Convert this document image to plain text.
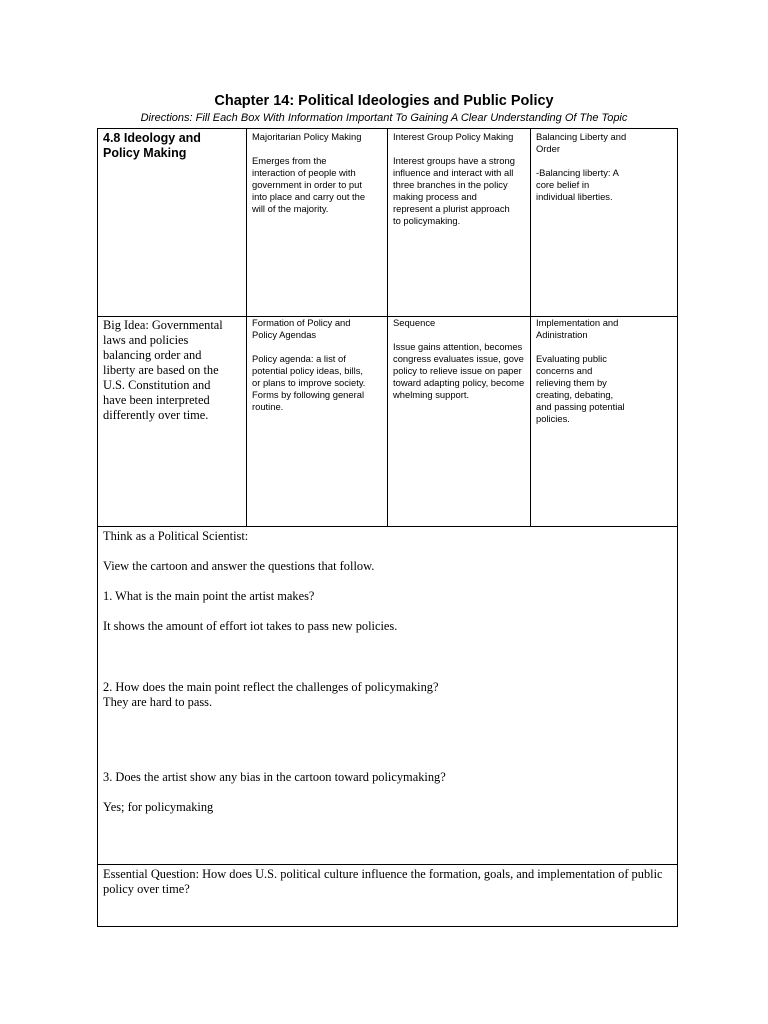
Chapter 14: Political Ideologies and Public Policy
Directions: Fill Each Box With Information Important To Gaining A Clear Understanding Of The Topic

4.8 Ideology and
Policy Making

Majoritarian Policy Making

Emerges from the
interaction of people with
government in order to put
into place and carry out the
will of the majority.

Interest Group Policy Making

Interest groups have a strong
influence and interact with all
three branches in the policy
making process and
represent a plurist approach
to policymaking.

Balancing Liberty and
Order

-Balancing liberty: A
core belief in
individual liberties.

Big Idea: Governmental
laws and policies
balancing order and
liberty are based on the
U.S. Constitution and
have been interpreted
differently over time.

Formation of Policy and
Policy Agendas

Policy agenda: a list of
potential policy ideas, bills,
or plans to improve society.
Forms by following general
routine.

Sequence

Issue gains attention, becomes
congress evaluates issue, gove
policy to relieve issue on paper
toward adapting policy, become
whelming support.

Implementation and
Adinistration

Evaluating public
concerns and
relieving them by
creating, debating,
and passing potential
policies.

Think as a Political Scientist:

View the cartoon and answer the questions that follow.

1. What is the main point the artist makes?

It shows the amount of effort iot takes to pass new policies.

2. How does the main point reflect the challenges of policymaking?

They are hard to pass.

3. Does the artist show any bias in the cartoon toward policymaking?

Yes; for policymaking

Essential Question: How does U.S. political culture influence the formation, goals, and implementation of public
policy over time?
